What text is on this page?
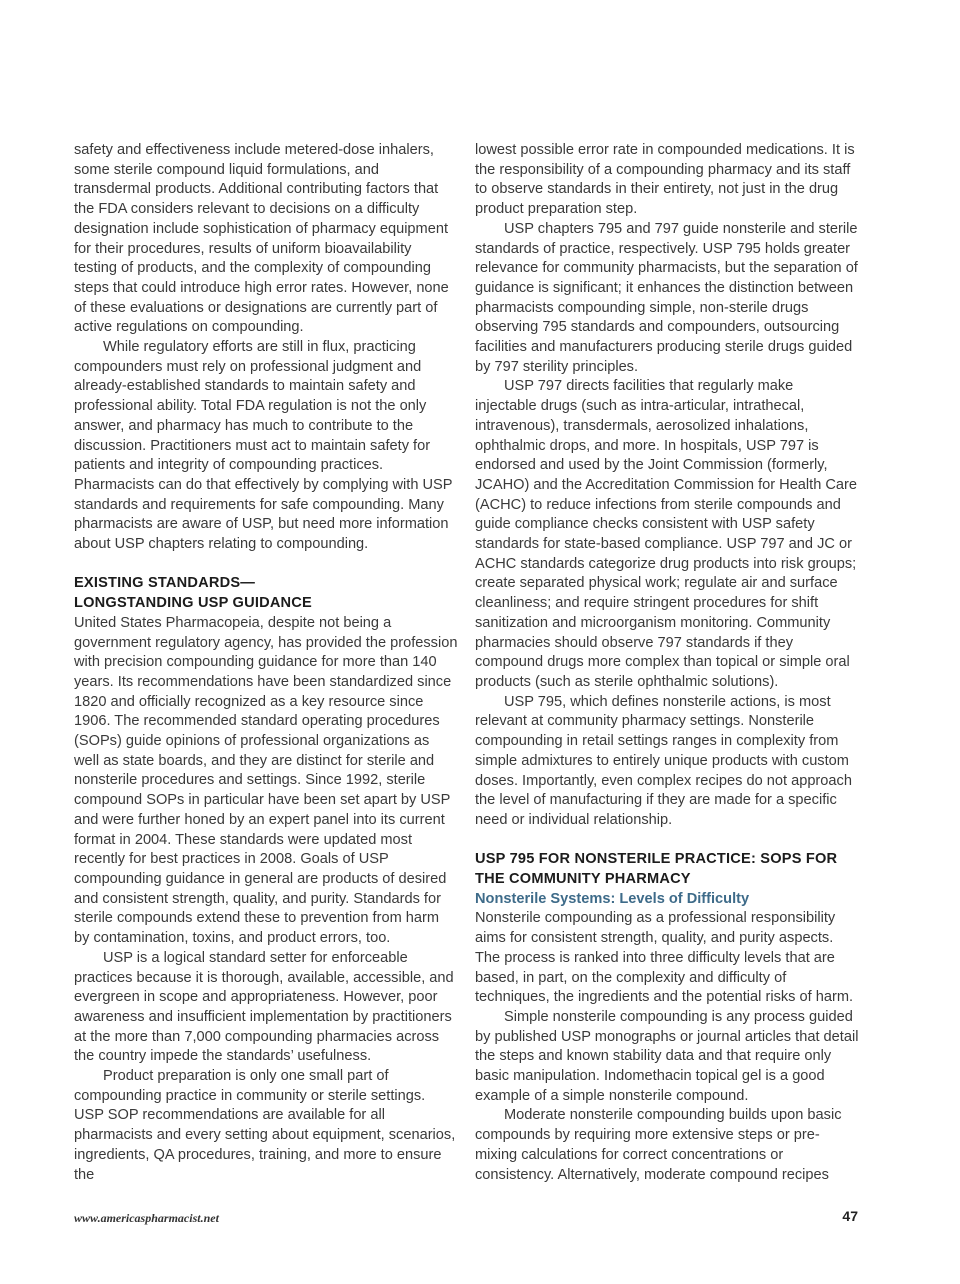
safety and effectiveness include metered-dose inhalers, some sterile compound liquid formulations, and transdermal products. Additional contributing factors that the FDA considers relevant to decisions on a difficulty designation include sophistication of pharmacy equipment for their procedures, results of uniform bioavailability testing of products, and the complexity of compounding steps that could introduce high error rates. However, none of these evaluations or designations are currently part of active regulations on compounding.

While regulatory efforts are still in flux, practicing compounders must rely on professional judgment and already-established standards to maintain safety and professional ability. Total FDA regulation is not the only answer, and pharmacy has much to contribute to the discussion. Practitioners must act to maintain safety for patients and integrity of compounding practices. Pharmacists can do that effectively by complying with USP standards and requirements for safe compounding. Many pharmacists are aware of USP, but need more information about USP chapters relating to compounding.

EXISTING STANDARDS—
LONGSTANDING USP GUIDANCE

United States Pharmacopeia, despite not being a government regulatory agency, has provided the profession with precision compounding guidance for more than 140 years. Its recommendations have been standardized since 1820 and officially recognized as a key resource since 1906. The recommended standard operating procedures (SOPs) guide opinions of professional organizations as well as state boards, and they are distinct for sterile and nonsterile procedures and settings. Since 1992, sterile compound SOPs in particular have been set apart by USP and were further honed by an expert panel into its current format in 2004. These standards were updated most recently for best practices in 2008. Goals of USP compounding guidance in general are products of desired and consistent strength, quality, and purity. Standards for sterile compounds extend these to prevention from harm by contamination, toxins, and product errors, too.

USP is a logical standard setter for enforceable practices because it is thorough, available, accessible, and evergreen in scope and appropriateness. However, poor awareness and insufficient implementation by practitioners at the more than 7,000 compounding pharmacies across the country impede the standards’ usefulness.

Product preparation is only one small part of compounding practice in community or sterile settings. USP SOP recommendations are available for all pharmacists and every setting about equipment, scenarios, ingredients, QA procedures, training, and more to ensure the

lowest possible error rate in compounded medications. It is the responsibility of a compounding pharmacy and its staff to observe standards in their entirety, not just in the drug product preparation step.

USP chapters 795 and 797 guide nonsterile and sterile standards of practice, respectively. USP 795 holds greater relevance for community pharmacists, but the separation of guidance is significant; it enhances the distinction between pharmacists compounding simple, non-sterile drugs observing 795 standards and compounders, outsourcing facilities and manufacturers producing sterile drugs guided by 797 sterility principles.

USP 797 directs facilities that regularly make injectable drugs (such as intra-articular, intrathecal, intravenous), transdermals, aerosolized inhalations, ophthalmic drops, and more. In hospitals, USP 797 is endorsed and used by the Joint Commission (formerly, JCAHO) and the Accreditation Commission for Health Care (ACHC) to reduce infections from sterile compounds and guide compliance checks consistent with USP safety standards for state-based compliance. USP 797 and JC or ACHC standards categorize drug products into risk groups; create separated physical work; regulate air and surface cleanliness; and require stringent procedures for shift sanitization and microorganism monitoring. Community pharmacies should observe 797 standards if they compound drugs more complex than topical or simple oral products (such as sterile ophthalmic solutions).

USP 795, which defines nonsterile actions, is most relevant at community pharmacy settings. Nonsterile compounding in retail settings ranges in complexity from simple admixtures to entirely unique products with custom doses. Importantly, even complex recipes do not approach the level of manufacturing if they are made for a specific need or individual relationship.

USP 795 FOR NONSTERILE PRACTICE: SOPS FOR
THE COMMUNITY PHARMACY
Nonsterile Systems: Levels of Difficulty

Nonsterile compounding as a professional responsibility aims for consistent strength, quality, and purity aspects. The process is ranked into three difficulty levels that are based, in part, on the complexity and difficulty of techniques, the ingredients and the potential risks of harm.

Simple nonsterile compounding is any process guided by published USP monographs or journal articles that detail the steps and known stability data and that require only basic manipulation. Indomethacin topical gel is a good example of a simple nonsterile compound.

Moderate nonsterile compounding builds upon basic compounds by requiring more extensive steps or pre-mixing calculations for correct concentrations or consistency. Alternatively, moderate compound recipes

www.americaspharmacist.net	47
